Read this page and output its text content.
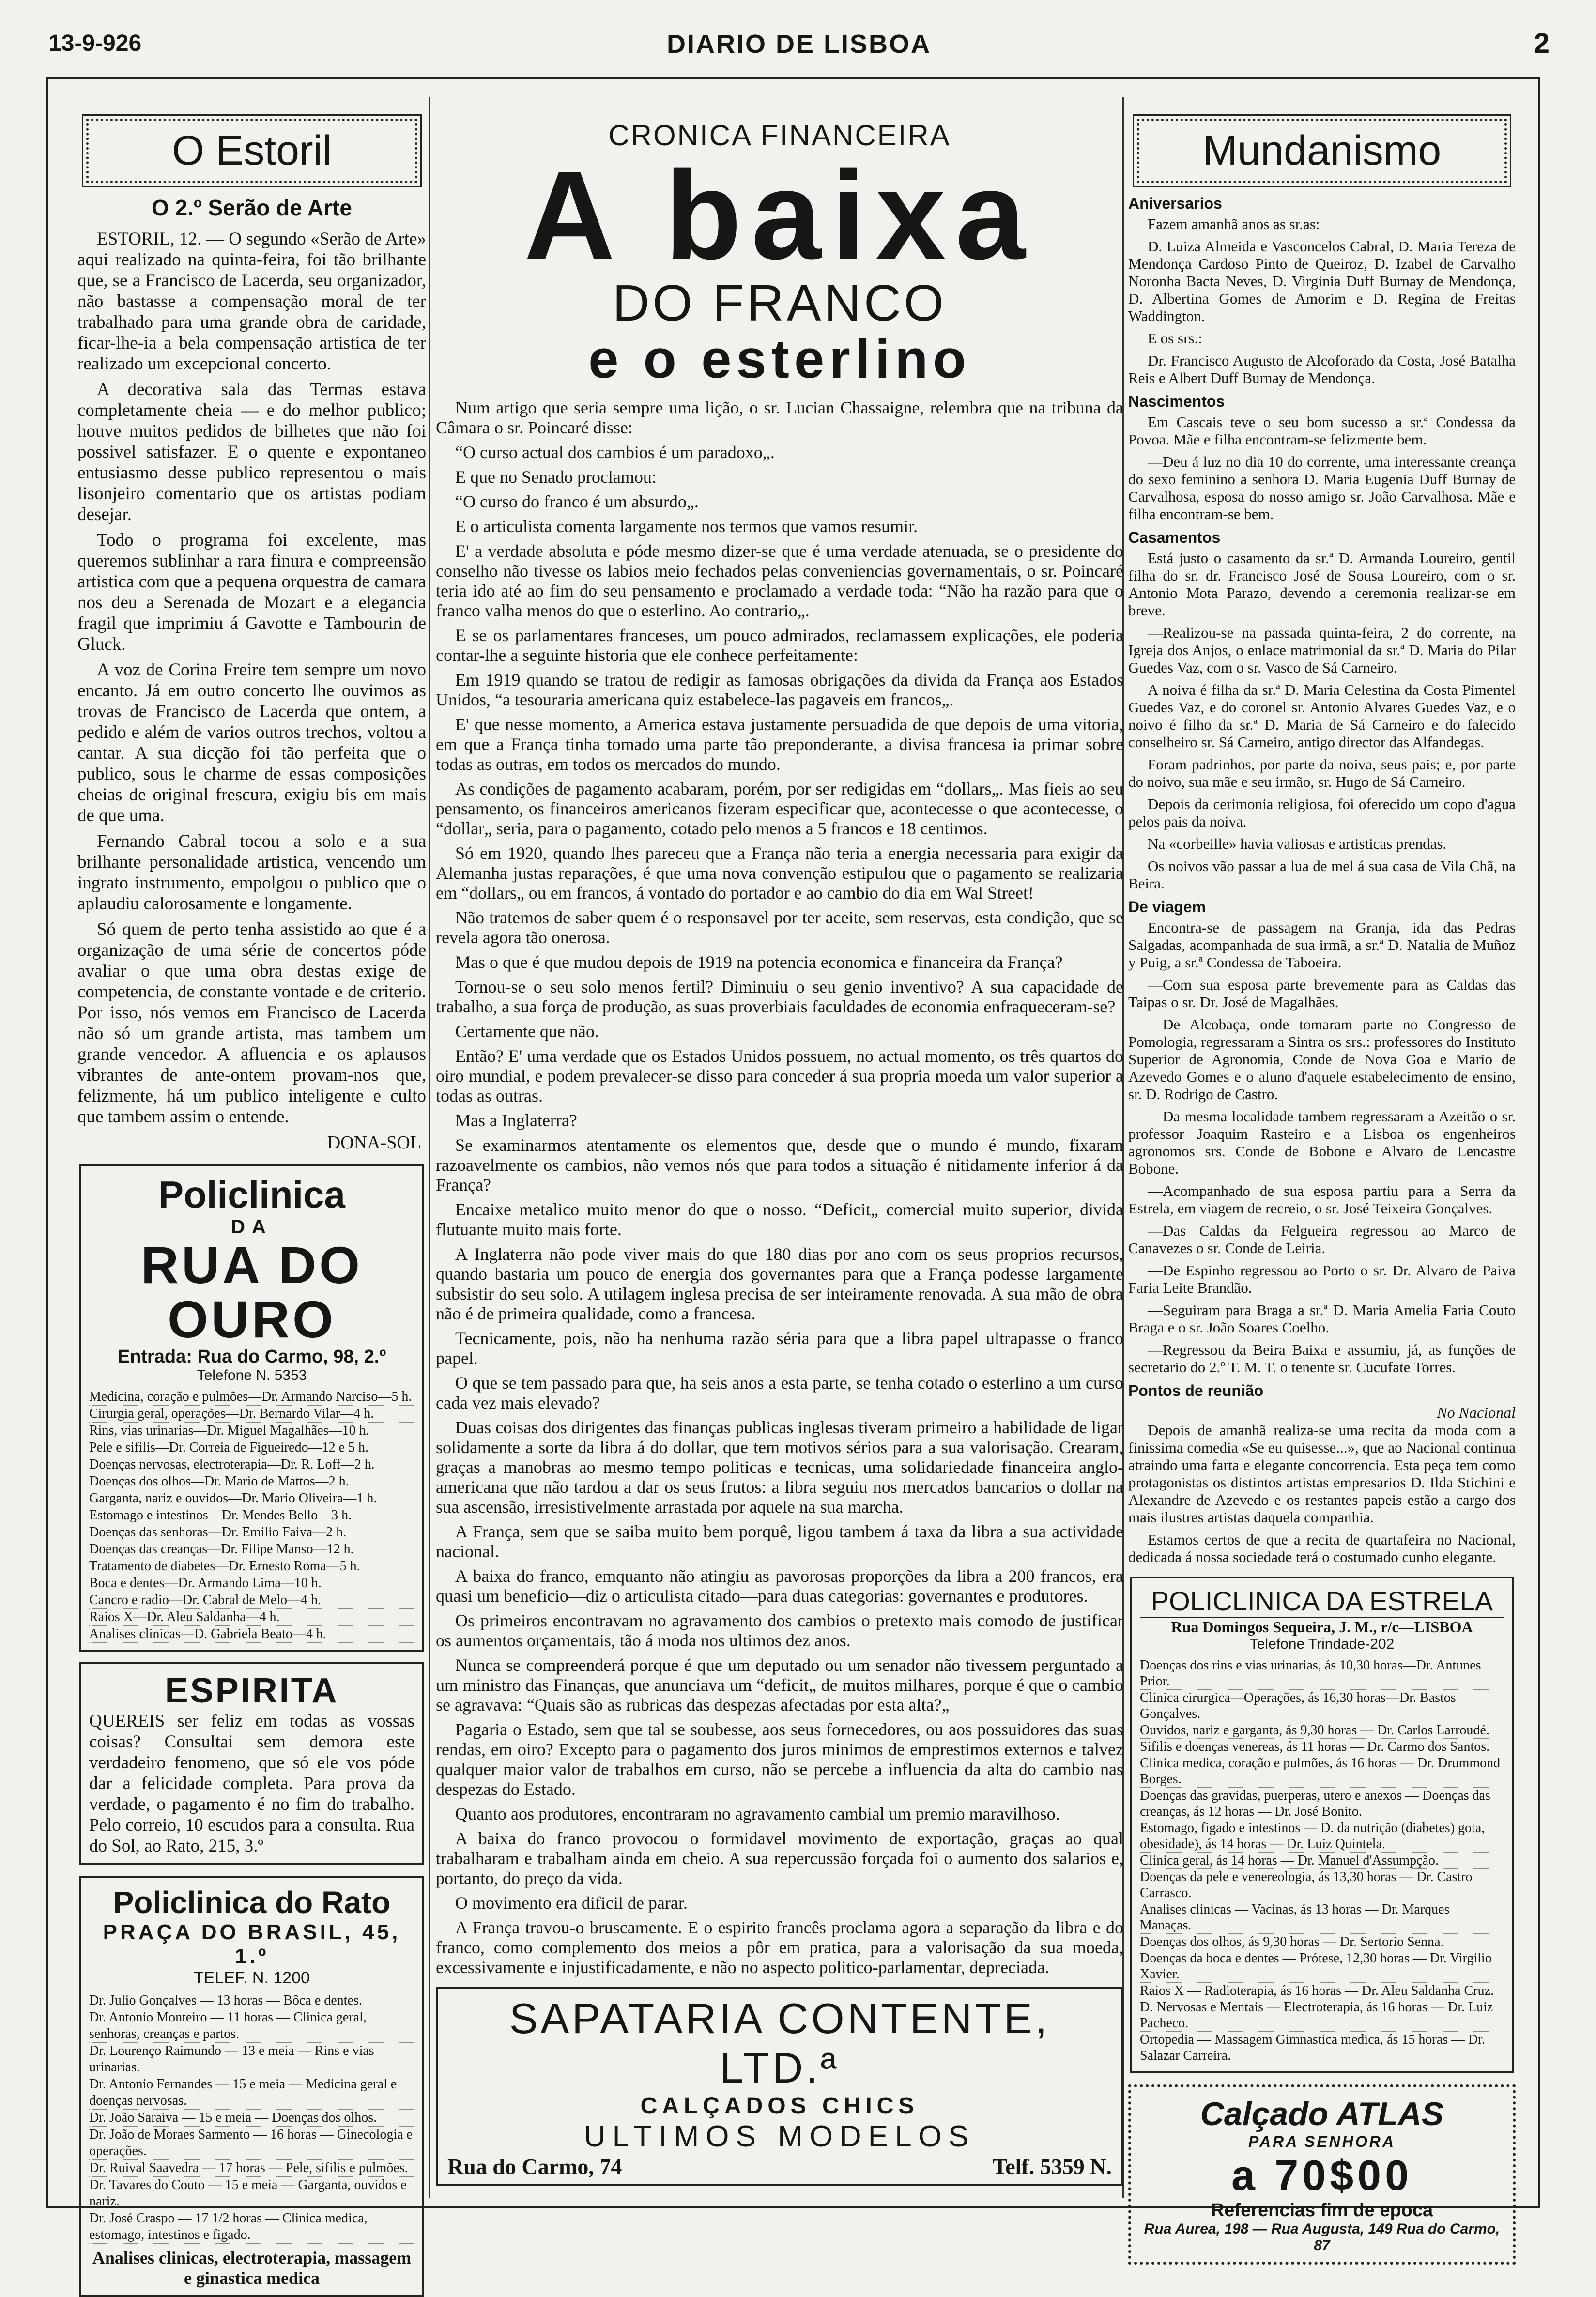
13-9-926	DIARIO DE LISBOA	2
O Estoril
O 2.º Serão de Arte

ESTORIL, 12. — O segundo «Serão de Arte» aqui realizado na quinta-feira, foi tão brilhante que, se a Francisco de Lacerda, seu organizador, não bastasse a compensação moral de ter trabalhado para uma grande obra de caridade, ficar-lhe-ia a bela compensação artistica de ter realizado um excepcional concerto.

A decorativa sala das Termas estava completamente cheia — e do melhor publico; houve muitos pedidos de bilhetes que não foi possivel satisfazer. E o quente e expontaneo entusiasmo desse publico representou o mais lisonjeiro comentario que os artistas podiam desejar.

Todo o programa foi excelente, mas queremos sublinhar a rara finura e compreensão artistica com que a pequena orquestra de camara nos deu a Serenada de Mozart e a elegancia fragil que imprimiu á Gavotte e Tambourin de Gluck.

A voz de Corina Freire tem sempre um novo encanto. Já em outro concerto lhe ouvimos as trovas de Francisco de Lacerda que ontem, a pedido e além de varios outros trechos, voltou a cantar. A sua dicção foi tão perfeita que o publico, sous le charme de essas composições cheias de original frescura, exigiu bis em mais de que uma.

Fernando Cabral tocou a solo e a sua brilhante personalidade artistica, vencendo um ingrato instrumento, empolgou o publico que o aplaudiu calorosamente e longamente.

Só quem de perto tenha assistido ao que é a organização de uma série de concertos póde avaliar o que uma obra destas exige de competencia, de constante vontade e de criterio. Por isso, nós vemos em Francisco de Lacerda não só um grande artista, mas tambem um grande vencedor. A afluencia e os aplausos vibrantes de ante-ontem provam-nos que, felizmente, há um publico inteligente e culto que tambem assim o entende.

DONA-SOL
Policlinica
DA
RUA DO OURO
Entrada: Rua do Carmo, 98, 2.º
Telefone N. 5353
Medicina, coração e pulmões—Dr. Armando Narciso—5 h.
Cirurgia geral, operações—Dr. Bernardo Vilar—4 h.
Rins, vias urinarias—Dr. Miguel Magalhães—10 h.
Pele e sifilis—Dr. Correia de Figueiredo—12 e 5 h.
Doenças nervosas, electroterapia—Dr. R. Loff—2 h.
Doenças dos olhos—Dr. Mario de Mattos—2 h.
Garganta, nariz e ouvidos—Dr. Mario Oliveira—1 h.
Estomago e intestinos—Dr. Mendes Bello—3 h.
Doenças das senhoras—Dr. Emilio Faiva—2 h.
Doenças das creanças—Dr. Filipe Manso—12 h.
Tratamento de diabetes—Dr. Ernesto Roma—5 h.
Boca e dentes—Dr. Armando Lima—10 h.
Cancro e radio—Dr. Cabral de Melo—4 h.
Raios X—Dr. Aleu Saldanha—4 h.
Analises clinicas—D. Gabriela Beato—4 h.
ESPIRITA
QUEREIS ser feliz em todas as vossas coisas? Consultai sem demora este verdadeiro fenomeno, que só ele vos póde dar a felicidade completa. Para prova da verdade, o pagamento é no fim do trabalho. Pelo correio, 10 escudos para a consulta. Rua do Sol, ao Rato, 215, 3.º
Policlinica do Rato
PRAÇA DO BRASIL, 45, 1.º
TELEF. N. 1200
Dr. Julio Gonçalves — 13 horas — Bôca e dentes.
Dr. Antonio Monteiro — 11 horas — Clinica geral, senhoras, creanças e partos.
Dr. Lourenço Raimundo — 13 e meia — Rins e vias urinarias.
Dr. Antonio Fernandes — 15 e meia — Medicina geral e doenças nervosas.
Dr. João Saraiva — 15 e meia — Doenças dos olhos.
Dr. João de Moraes Sarmento — 16 horas — Ginecologia e operações.
Dr. Ruival Saavedra — 17 horas — Pele, sifilis e pulmões.
Dr. Tavares do Couto — 15 e meia — Garganta, ouvidos e nariz.
Dr. José Craspo — 17 1/2 horas — Clinica medica, estomago, intestinos e figado.
Analises clinicas, electroterapia, massagem e ginastica medica
CRONICA FINANCEIRA
A baixa
DO FRANCO
e o esterlino

Num artigo que seria sempre uma lição, o sr. Lucian Chassaigne, relembra que na tribuna da Câmara o sr. Poincaré disse:

“O curso actual dos cambios é um paradoxo„.

E que no Senado proclamou:

“O curso do franco é um absurdo„.

E o articulista comenta largamente nos termos que vamos resumir.

E' a verdade absoluta e póde mesmo dizer-se que é uma verdade atenuada, se o presidente do conselho não tivesse os labios meio fechados pelas conveniencias governamentais, o sr. Poincaré teria ido até ao fim do seu pensamento e proclamado a verdade toda: “Não ha razão para que o franco valha menos do que o esterlino. Ao contrario„.

E se os parlamentares franceses, um pouco admirados, reclamassem explicações, ele poderia contar-lhe a seguinte historia que ele conhece perfeitamente:

Em 1919 quando se tratou de redigir as famosas obrigações da divida da França aos Estados Unidos, “a tesouraria americana quiz estabelece-las pagaveis em francos„.

E' que nesse momento, a America estava justamente persuadida de que depois de uma vitoria, em que a França tinha tomado uma parte tão preponderante, a divisa francesa ia primar sobre todas as outras, em todos os mercados do mundo.

As condições de pagamento acabaram, porém, por ser redigidas em “dollars„. Mas fieis ao seu pensamento, os financeiros americanos fizeram especificar que, acontecesse o que acontecesse, o “dollar„ seria, para o pagamento, cotado pelo menos a 5 francos e 18 centimos.

Só em 1920, quando lhes pareceu que a França não teria a energia necessaria para exigir da Alemanha justas reparações, é que uma nova convenção estipulou que o pagamento se realizaria em “dollars„ ou em francos, á vontado do portador e ao cambio do dia em Wal Street!

Não tratemos de saber quem é o responsavel por ter aceite, sem reservas, esta condição, que se revela agora tão onerosa.

Mas o que é que mudou depois de 1919 na potencia economica e financeira da França?

Tornou-se o seu solo menos fertil? Diminuiu o seu genio inventivo? A sua capacidade de trabalho, a sua força de produção, as suas proverbiais faculdades de economia enfraqueceram-se?

Certamente que não.

Então? E' uma verdade que os Estados Unidos possuem, no actual momento, os três quartos do oiro mundial, e podem prevalecer-se disso para conceder á sua propria moeda um valor superior a todas as outras.

Mas a Inglaterra?

Se examinarmos atentamente os elementos que, desde que o mundo é mundo, fixaram razoavelmente os cambios, não vemos nós que para todos a situação é nitidamente inferior á da França?

Encaixe metalico muito menor do que o nosso. “Deficit„ comercial muito superior, divida flutuante muito mais forte.

A Inglaterra não pode viver mais do que 180 dias por ano com os seus proprios recursos, quando bastaria um pouco de energia dos governantes para que a França podesse largamente subsistir do seu solo. A utilagem inglesa precisa de ser inteiramente renovada. A sua mão de obra não é de primeira qualidade, como a francesa.

Tecnicamente, pois, não ha nenhuma razão séria para que a libra papel ultrapasse o franco papel.

O que se tem passado para que, ha seis anos a esta parte, se tenha cotado o esterlino a um curso cada vez mais elevado?

Duas coisas dos dirigentes das finanças publicas inglesas tiveram primeiro a habilidade de ligar solidamente a sorte da libra á do dollar, que tem motivos sérios para a sua valorisação. Crearam, graças a manobras ao mesmo tempo politicas e tecnicas, uma solidariedade financeira anglo-americana que não tardou a dar os seus frutos: a libra seguiu nos mercados bancarios o dollar na sua ascensão, irresistivelmente arrastada por aquele na sua marcha.

A França, sem que se saiba muito bem porquê, ligou tambem á taxa da libra a sua actividade nacional.

A baixa do franco, emquanto não atingiu as pavorosas proporções da libra a 200 francos, era quasi um beneficio—diz o articulista citado—para duas categorias: governantes e produtores.

Os primeiros encontravam no agravamento dos cambios o pretexto mais comodo de justificar os aumentos orçamentais, tão á moda nos ultimos dez anos.

Nunca se compreenderá porque é que um deputado ou um senador não tivessem perguntado a um ministro das Finanças, que anunciava um “deficit„ de muitos milhares, porque é que o cambio se agravava: “Quais são as rubricas das despezas afectadas por esta alta?„

Pagaria o Estado, sem que tal se soubesse, aos seus fornecedores, ou aos possuidores das suas rendas, em oiro? Excepto para o pagamento dos juros minimos de emprestimos externos e talvez qualquer maior valor de trabalhos em curso, não se percebe a influencia da alta do cambio nas despezas do Estado.

Quanto aos produtores, encontraram no agravamento cambial um premio maravilhoso.

A baixa do franco provocou o formidavel movimento de exportação, graças ao qual trabalharam e trabalham ainda em cheio. A sua repercussão forçada foi o aumento dos salarios e, portanto, do preço da vida.

O movimento era dificil de parar.

A França travou-o bruscamente. E o espirito francês proclama agora a separação da libra e do franco, como complemento dos meios a pôr em pratica, para a valorisação da sua moeda, excessivamente e injustificadamente, e não no aspecto politico-parlamentar, depreciada.

SAPATARIA CONTENTE, LTD.ª
CALÇADOS CHICS
ULTIMOS MODELOS
Rua do Carmo, 74	Telf. 5359 N.
Mundanismo
Aniversarios

Fazem amanhã anos as sr.as:

D. Luiza Almeida e Vasconcelos Cabral, D. Maria Tereza de Mendonça Cardoso Pinto de Queiroz, D. Izabel de Carvalho Noronha Bacta Neves, D. Virginia Duff Burnay de Mendonça, D. Albertina Gomes de Amorim e D. Regina de Freitas Waddington.

E os srs.:

Dr. Francisco Augusto de Alcoforado da Costa, José Batalha Reis e Albert Duff Burnay de Mendonça.

Nascimentos

Em Cascais teve o seu bom sucesso a sr.ª Condessa da Povoa. Mãe e filha encontram-se felizmente bem.

—Deu á luz no dia 10 do corrente, uma interessante creança do sexo feminino a senhora D. Maria Eugenia Duff Burnay de Carvalhosa, esposa do nosso amigo sr. João Carvalhosa. Mãe e filha encontram-se bem.

Casamentos

Está justo o casamento da sr.ª D. Armanda Loureiro, gentil filha do sr. dr. Francisco José de Sousa Loureiro, com o sr. Antonio Mota Parazo, devendo a ceremonia realizar-se em breve.

—Realizou-se na passada quinta-feira, 2 do corrente, na Igreja dos Anjos, o enlace matrimonial da sr.ª D. Maria do Pilar Guedes Vaz, com o sr. Vasco de Sá Carneiro.

A noiva é filha da sr.ª D. Maria Celestina da Costa Pimentel Guedes Vaz, e do coronel sr. Antonio Alvares Guedes Vaz, e o noivo é filho da sr.ª D. Maria de Sá Carneiro e do falecido conselheiro sr. Sá Carneiro, antigo director das Alfandegas.

Foram padrinhos, por parte da noiva, seus pais; e, por parte do noivo, sua mãe e seu irmão, sr. Hugo de Sá Carneiro.

Depois da cerimonia religiosa, foi oferecido um copo d'agua pelos pais da noiva.

Na «corbeille» havia valiosas e artisticas prendas.

Os noivos vão passar a lua de mel á sua casa de Vila Chã, na Beira.

De viagem

Encontra-se de passagem na Granja, ida das Pedras Salgadas, acompanhada de sua irmã, a sr.ª D. Natalia de Muñoz y Puig, a sr.ª Condessa de Taboeira.

—Com sua esposa parte brevemente para as Caldas das Taipas o sr. Dr. José de Magalhães.

—De Alcobaça, onde tomaram parte no Congresso de Pomologia, regressaram a Sintra os srs.: professores do Instituto Superior de Agronomia, Conde de Nova Goa e Mario de Azevedo Gomes e o aluno d'aquele estabelecimento de ensino, sr. D. Rodrigo de Castro.

—Da mesma localidade tambem regressaram a Azeitão o sr. professor Joaquim Rasteiro e a Lisboa os engenheiros agronomos srs. Conde de Bobone e Alvaro de Lencastre Bobone.

—Acompanhado de sua esposa partiu para a Serra da Estrela, em viagem de recreio, o sr. José Teixeira Gonçalves.

—Das Caldas da Felgueira regressou ao Marco de Canavezes o sr. Conde de Leiria.

—De Espinho regressou ao Porto o sr. Dr. Alvaro de Paiva Faria Leite Brandão.

—Seguiram para Braga a sr.ª D. Maria Amelia Faria Couto Braga e o sr. João Soares Coelho.

—Regressou da Beira Baixa e assumiu, já, as funções de secretario do 2.º T. M. T. o tenente sr. Cucufate Torres.

Pontos de reunião
No Nacional

Depois de amanhã realiza-se uma recita da moda com a finissima comedia «Se eu quisesse...», que ao Nacional continua atraindo uma farta e elegante concorrencia. Esta peça tem como protagonistas os distintos artistas empresarios D. Ilda Stichini e Alexandre de Azevedo e os restantes papeis estão a cargo dos mais ilustres artistas daquela companhia.

Estamos certos de que a recita de quartafeira no Nacional, dedicada á nossa sociedade terá o costumado cunho elegante.

POLICLINICA DA ESTRELA
Rua Domingos Sequeira, J. M., r/c—LISBOA
Telefone Trindade-202
Doenças dos rins e vias urinarias, ás 10,30 horas—Dr. Antunes Prior.
Clinica cirurgica—Operações, ás 16,30 horas—Dr. Bastos Gonçalves.
Ouvidos, nariz e garganta, ás 9,30 horas — Dr. Carlos Larroudé.
Sifilis e doenças venereas, ás 11 horas — Dr. Carmo dos Santos.
Clinica medica, coração e pulmões, ás 16 horas — Dr. Drummond Borges.
Doenças das gravidas, puerperas, utero e anexos — Doenças das creanças, ás 12 horas — Dr. José Bonito.
Estomago, figado e intestinos — D. da nutrição (diabetes) gota, obesidade), ás 14 horas — Dr. Luiz Quintela.
Clinica geral, ás 14 horas — Dr. Manuel d'Assumpção.
Doenças da pele e venereologia, ás 13,30 horas — Dr. Castro Carrasco.
Analises clinicas — Vacinas, ás 13 horas — Dr. Marques Manaças.
Doenças dos olhos, ás 9,30 horas — Dr. Sertorio Senna.
Doenças da boca e dentes — Prótese, 12,30 horas — Dr. Virgilio Xavier.
Raios X — Radioterapia, ás 16 horas — Dr. Aleu Saldanha Cruz.
D. Nervosas e Mentais — Electroterapia, ás 16 horas — Dr. Luiz Pacheco.
Ortopedia — Massagem Gimnastica medica, ás 15 horas — Dr. Salazar Carreira.
Calçado ATLAS
PARA SENHORA
a 70$00
Referencias fim de epoca
Rua Aurea, 198 — Rua Augusta, 149 Rua do Carmo, 87
